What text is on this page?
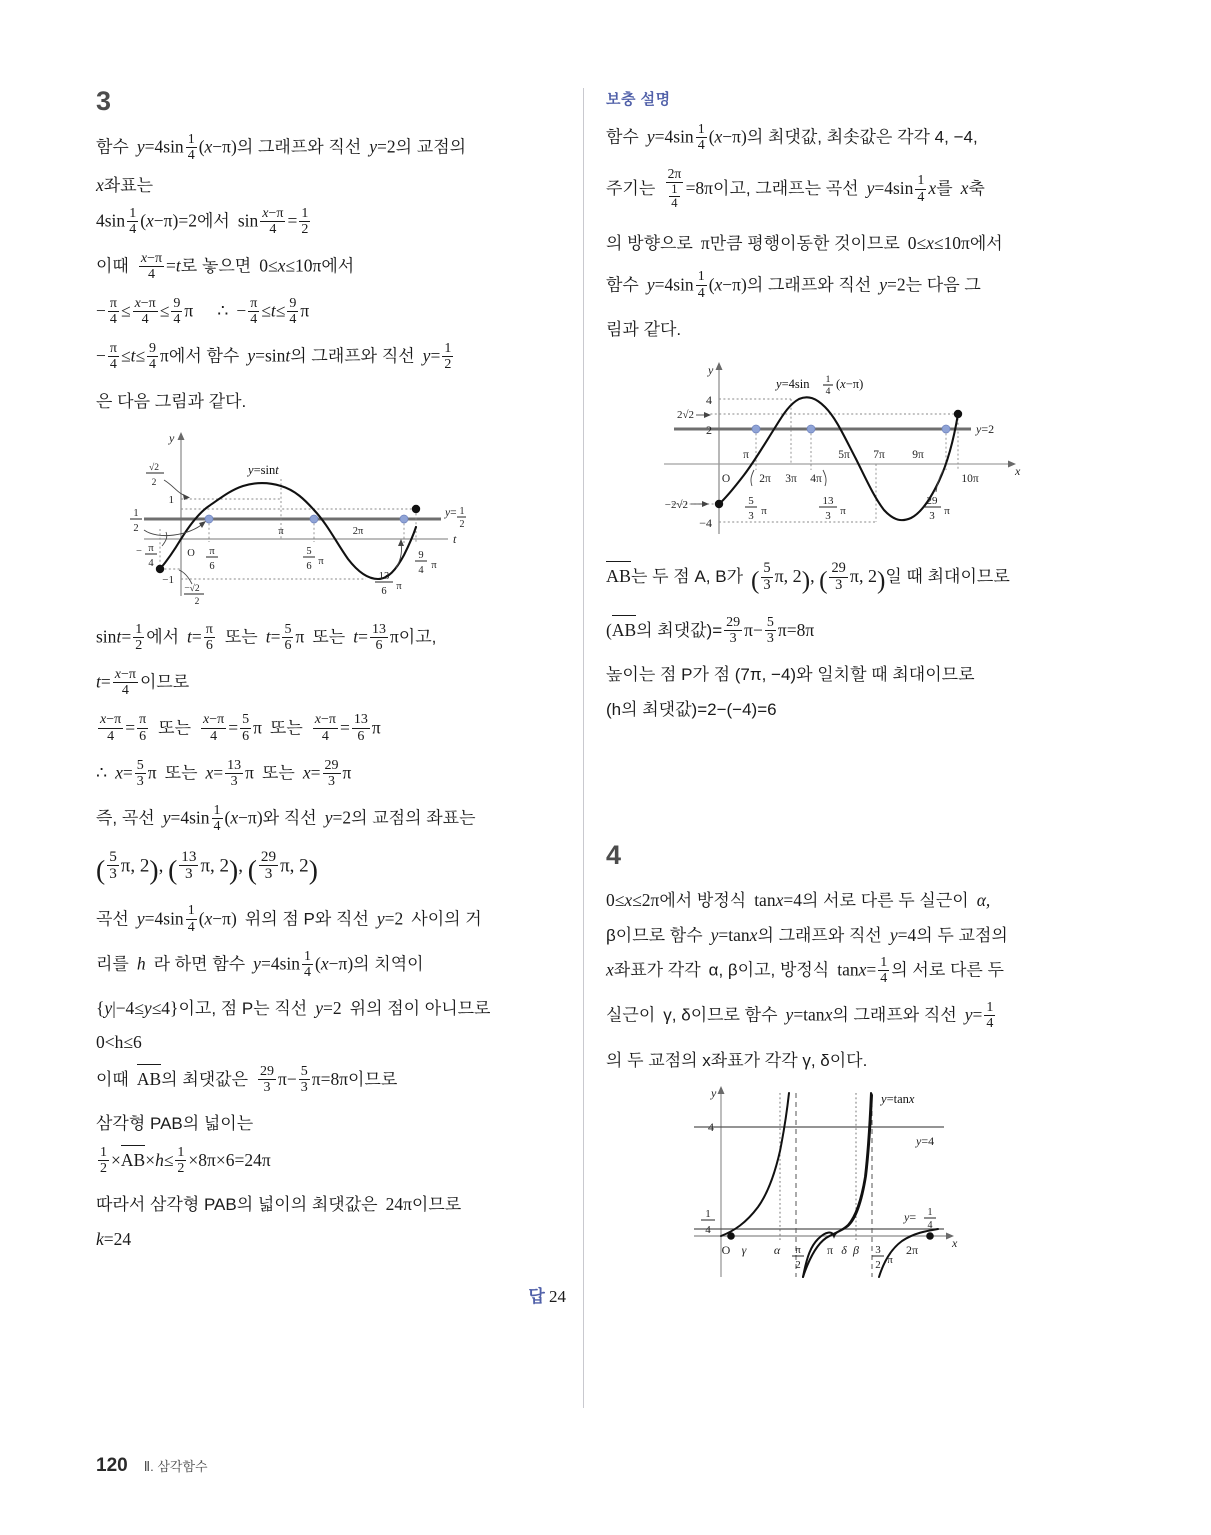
3
함수 $y=4\sin \frac{1}{4} (x-\pi)$의 그래프와 직선 y=2의 교점의
x좌표는
$4\sin \frac{1}{4} (x-\pi)=2$에서 $\sin \frac{x-\pi}{4} = \frac{1}{2}$
이때 $\frac{x-\pi}{4} =t$로 놓으면 0≤x≤10π에서
− $\frac{\pi}{4} \le \frac{x-\pi}{4} \le \frac{9}{4}$ π ∴ − $\frac{\pi}{4} \le t\le \frac{9}{4}$ π
− $\frac{\pi}{4} \le t\le \frac{9}{4}$ π에서 함수 y=sint의 그래프와 직선 $y= \frac{1}{2}$
은 다음 그림과 같다.
y
t
y= 1
2
y=sint
1
−1
1
2
√2
2
−√2
2
O
π	2π
− π
4
π
6
5
6 π
13
6 π
9
4 π
$\sin t= \frac{1}{2}$ 에서 $t= \frac{\pi}{6}$ 또는 $t= \frac{5}{6}$ π 또는 $t= \frac{13}{6}$ π이고,
$t= \frac{x-\pi}{4}$ 이므로
$\frac{x-\pi}{4} = \frac{\pi}{6}$ 또는 $\frac{x-\pi}{4} = \frac{5}{6}$ π 또는 $\frac{x-\pi}{4} = \frac{13}{6}$ π
∴ $x= \frac{5}{3}$ π 또는 $x= \frac{13}{3}$ π 또는 $x= \frac{29}{3}$ π
즉, 곡선 $y=4\sin \frac{1}{4} (x-\pi)$와 직선 y=2의 교점의 좌표는
( $\frac{5}{3} \pi$, 2), ( $\frac{13}{3} \pi$, 2), ( $\frac{29}{3} \pi$, 2)
곡선 $y=4\sin \frac{1}{4} (x-\pi)$ 위의 점 P와 직선 y=2 사이의 거
리를 h 라 하면 함수 $y=4\sin \frac{1}{4} (x-\pi)$의 치역이
{y|−4≤y≤4}이고, 점 P는 직선 y=2 위의 점이 아니므로
0<h≤6
이때 AB의 최댓값은 $\frac{29}{3} \pi- \frac{5}{3} \pi=8\pi$이므로
삼각형 PAB의 넓이는
$\frac{1}{2} \times AB\times h\le \frac{1}{2} \times 8\pi\times 6=24\pi$
따라서 삼각형 PAB의 넓이의 최댓값은 24π이므로
k=24
답 24
보충 설명
함수 $y=4\sin \frac{1}{4} (x-\pi)$의 최댓값, 최솟값은 각각 4, −4,
주기는 $\frac{2\pi}{\frac{1}{4}} =8\pi$이고, 그래프는 곡선 $y=4\sin \frac{1}{4}$ x를 x축
의 방향으로 π만큼 평행이동한 것이므로 0≤x≤10π에서
함수 $y=4\sin \frac{1}{4} (x-\pi)$의 그래프와 직선 y=2는 다음 그
림과 같다.
y
x
y=2
y=4sin 1
4
(x−π)
4
2
−4
2√2
−2√2
O
π
2π 3π 4π
5π 7π 9π
10π
5
3 π
13
3 π
29
3 π
AB는 두 점 A, B가 ( $\frac{5}{3} \pi$, 2), ( $\frac{29}{3} \pi$, 2)일 때 최대이므로
(AB의 최댓값)= $\frac{29}{3} \pi- \frac{5}{3} \pi=8\pi$
높이는 점 P가 점 (7π, −4)와 일치할 때 최대이므로
(h의 최댓값)=2−(−4)=6
4
0≤x≤2π에서 방정식 tanx=4의 서로 다른 두 실근이 α,
β이므로 함수 y=tanx의 그래프와 직선 y=4의 두 교점의
x좌표가 각각 α, β이고, 방정식 $\tan x= \frac{1}{4}$ 의 서로 다른 두
실근이 γ, δ이므로 함수 y=tanx의 그래프와 직선 $y= \frac{1}{4}$
의 두 교점의 x좌표가 각각 γ, δ이다.
y
x
y=4
y= 1
4
y=tanx
4
1
4
O γ α	π δ β	2π
π
2
3
2 π
120 Ⅱ. 삼각함수
